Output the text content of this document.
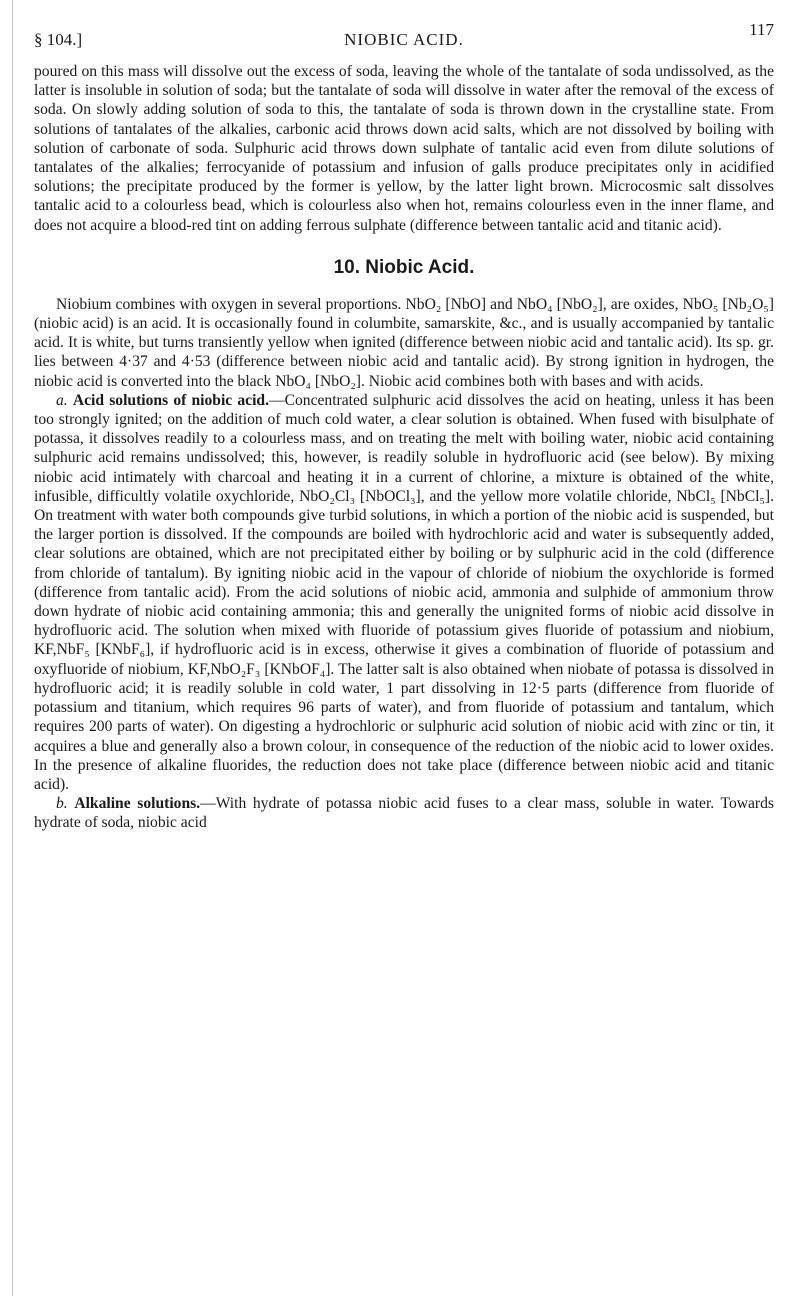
§ 104.]	NIOBIC ACID.
117

poured on this mass will dissolve out the excess of soda, leaving the whole of the tantalate of soda undissolved, as the latter is insoluble in solution of soda; but the tantalate of soda will dissolve in water after the removal of the excess of soda. On slowly adding solution of soda to this, the tantalate of soda is thrown down in the crystalline state. From solutions of tantalates of the alkalies, carbonic acid throws down acid salts, which are not dissolved by boiling with solution of carbonate of soda. Sulphuric acid throws down sulphate of tantalic acid even from dilute solutions of tantalates of the alkalies; ferrocyanide of potassium and infusion of galls produce precipitates only in acidified solutions; the precipitate produced by the former is yellow, by the latter light brown. Microcosmic salt dissolves tantalic acid to a colourless bead, which is colourless also when hot, remains colourless even in the inner flame, and does not acquire a blood-red tint on adding ferrous sulphate (difference between tantalic acid and titanic acid).

10. Niobic Acid.

Niobium combines with oxygen in several proportions. NbO₂ [NbO] and NbO₄ [NbO₂], are oxides, NbO₅ [Nb₂O₅] (niobic acid) is an acid. It is occasionally found in columbite, samarskite, &c., and is usually accompanied by tantalic acid. It is white, but turns transiently yellow when ignited (difference between niobic acid and tantalic acid). Its sp. gr. lies between 4·37 and 4·53 (difference between niobic acid and tantalic acid). By strong ignition in hydrogen, the niobic acid is converted into the black NbO₄ [NbO₂]. Niobic acid combines both with bases and with acids.

a. Acid solutions of niobic acid.—Concentrated sulphuric acid dissolves the acid on heating, unless it has been too strongly ignited; on the addition of much cold water, a clear solution is obtained. When fused with bisulphate of potassa, it dissolves readily to a colourless mass, and on treating the melt with boiling water, niobic acid containing sulphuric acid remains undissolved; this, however, is readily soluble in hydrofluoric acid (see below). By mixing niobic acid intimately with charcoal and heating it in a current of chlorine, a mixture is obtained of the white, infusible, difficultly volatile oxychloride, NbO₂Cl₃ [NbOCl₃], and the yellow more volatile chloride, NbCl₅ [NbCl₅]. On treatment with water both compounds give turbid solutions, in which a portion of the niobic acid is suspended, but the larger portion is dissolved. If the compounds are boiled with hydrochloric acid and water is subsequently added, clear solutions are obtained, which are not precipitated either by boiling or by sulphuric acid in the cold (difference from chloride of tantalum). By igniting niobic acid in the vapour of chloride of niobium the oxychloride is formed (difference from tantalic acid). From the acid solutions of niobic acid, ammonia and sulphide of ammonium throw down hydrate of niobic acid containing ammonia; this and generally the unignited forms of niobic acid dissolve in hydrofluoric acid. The solution when mixed with fluoride of potassium gives fluoride of potassium and niobium, KF,NbF₅ [KNbF₆], if hydrofluoric acid is in excess, otherwise it gives a combination of fluoride of potassium and oxyfluoride of niobium, KF,NbO₂F₃ [KNbOF₄]. The latter salt is also obtained when niobate of potassa is dissolved in hydrofluoric acid; it is readily soluble in cold water, 1 part dissolving in 12·5 parts (difference from fluoride of potassium and titanium, which requires 96 parts of water), and from fluoride of potassium and tantalum, which requires 200 parts of water). On digesting a hydrochloric or sulphuric acid solution of niobic acid with zinc or tin, it acquires a blue and generally also a brown colour, in consequence of the reduction of the niobic acid to lower oxides. In the presence of alkaline fluorides, the reduction does not take place (difference between niobic acid and titanic acid).

b. Alkaline solutions.—With hydrate of potassa niobic acid fuses to a clear mass, soluble in water. Towards hydrate of soda, niobic acid
